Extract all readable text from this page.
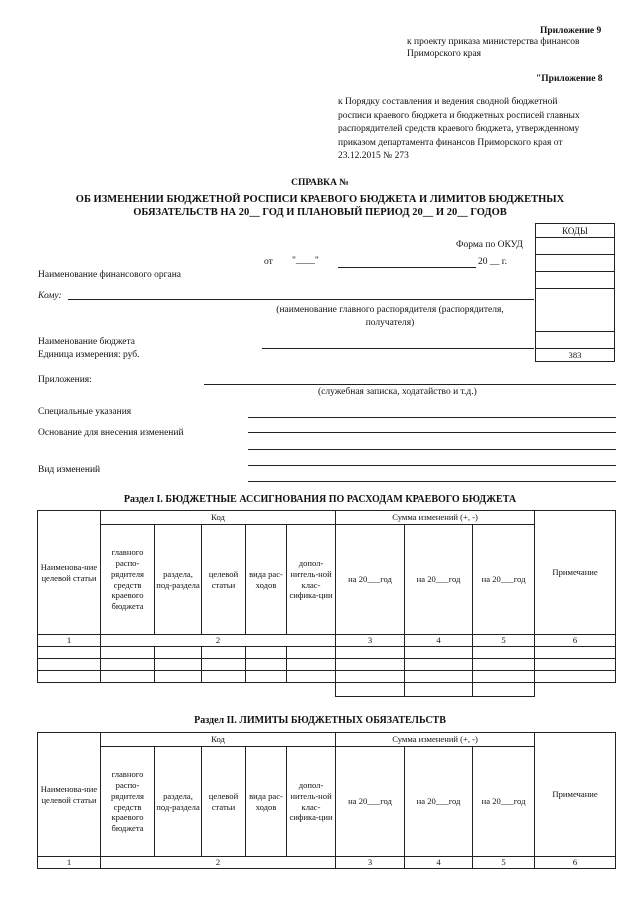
Приложение 9
к проекту приказа министерства финансов
Приморского края
"Приложение 8
к Порядку составления и ведения сводной бюджетной
росписи краевого бюджета и бюджетных росписей главных
распорядителей средств краевого бюджета, утвержденному
приказом департамента финансов Приморского края от
23.12.2015 № 273
СПРАВКА №
ОБ ИЗМЕНЕНИИ БЮДЖЕТНОЙ РОСПИСИ КРАЕВОГО БЮДЖЕТА И ЛИМИТОВ БЮДЖЕТНЫХ
ОБЯЗАТЕЛЬСТВ НА 20__ ГОД И ПЛАНОВЫЙ ПЕРИОД 20__ И 20__ ГОДОВ
КОДЫ

383
Форма по ОКУД
от "____"	20 __ г.
Наименование финансового органа
Кому:
(наименование главного распорядителя (распорядителя,
получателя)
Наименование бюджета
Единица измерения: руб.
Приложения:
(служебная записка, ходатайство и т.д.)
Специальные указания
Основание для внесения изменений
Вид изменений
Раздел I. БЮДЖЕТНЫЕ АССИГНОВАНИЯ ПО РАСХОДАМ КРАЕВОГО БЮДЖЕТА
Наименова-ние целевой статьи	Код					Сумма изменений (+, -)			Примечание
	главного распо-рядителя средств краевого бюджета	раздела, под-раздела	целевой статьи	вида рас-ходов	допол-нитель-ной клас-сифика-ции	на 20___год	на 20___год	на 20___год	
1	2					3	4	5	6

Раздел II. ЛИМИТЫ БЮДЖЕТНЫХ ОБЯЗАТЕЛЬСТВ
Наименова-ние целевой статьи	Код					Сумма изменений (+, -)			Примечание
	главного распо-рядителя средств краевого бюджета	раздела, под-раздела	целевой статьи	вида рас-ходов	допол-нитель-ной клас-сифика-ции	на 20___год	на 20___год	на 20___год	
1	2					3	4	5	6
